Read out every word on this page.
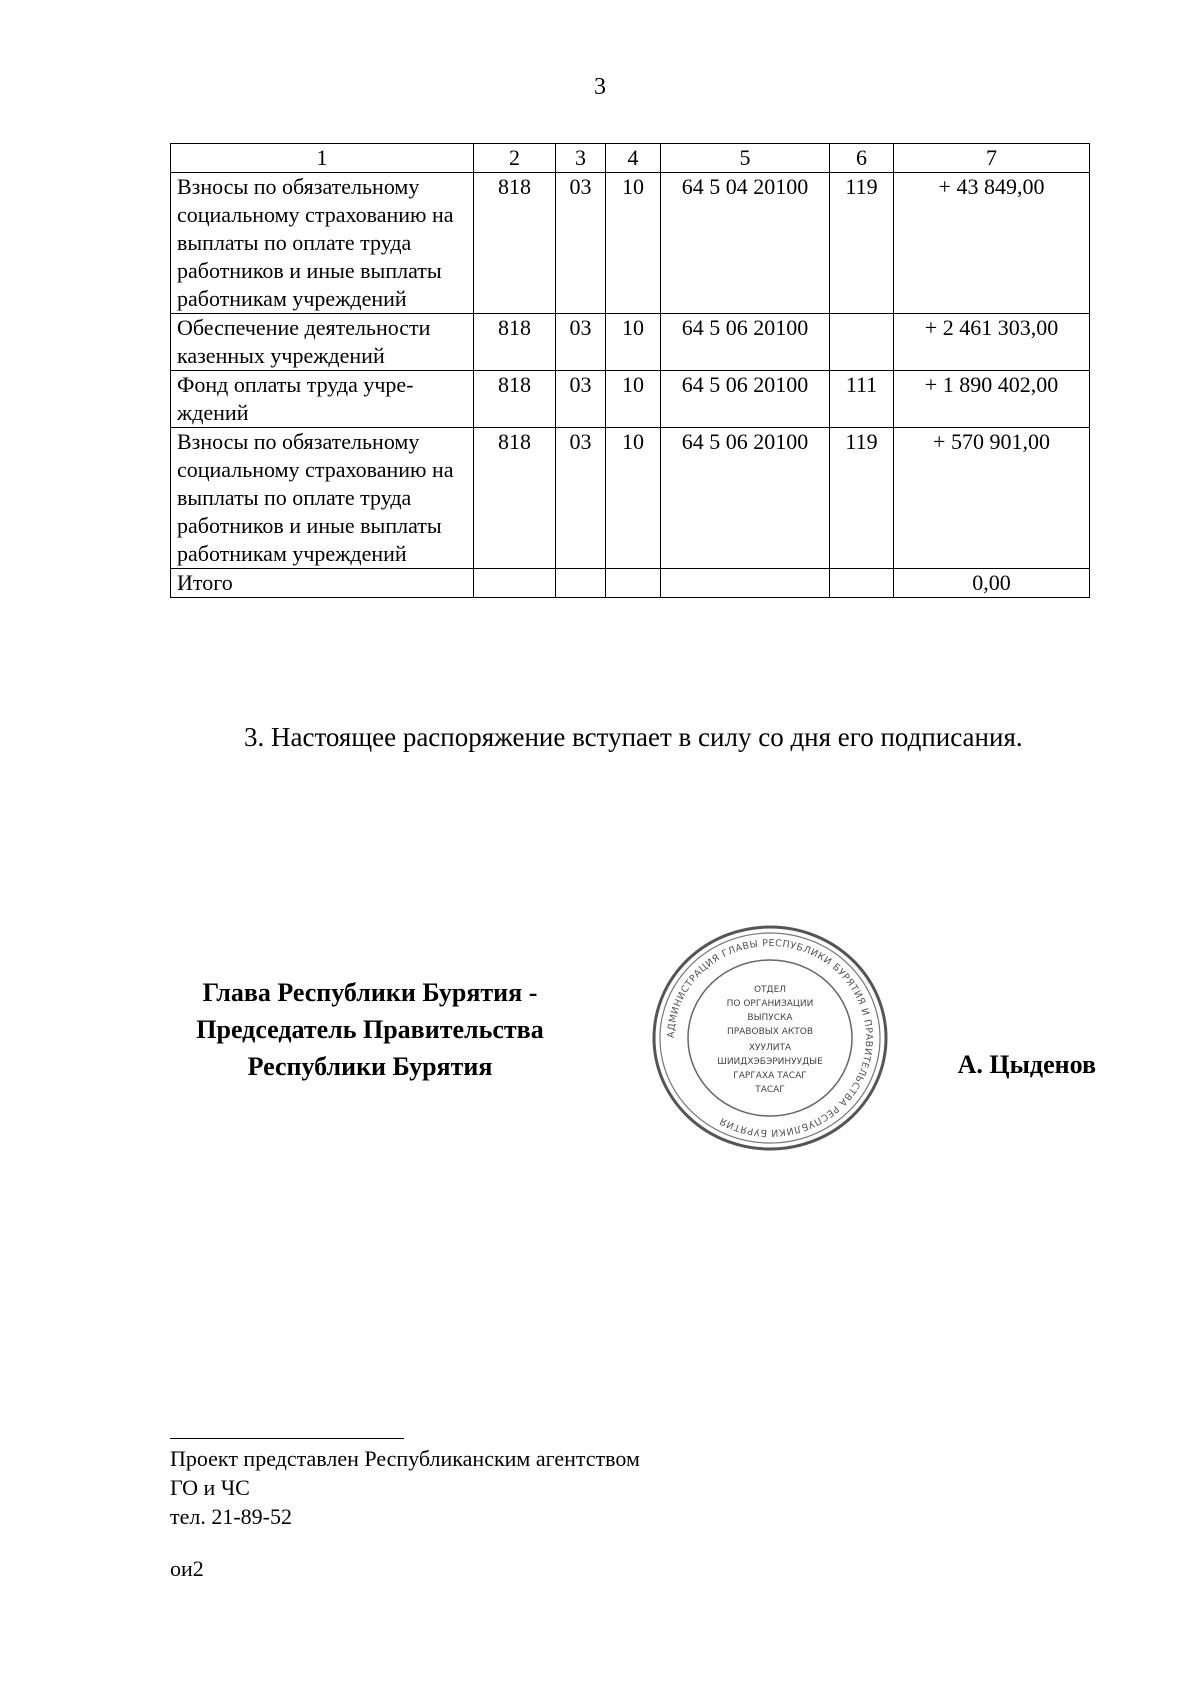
3
1	2	3	4	5	6	7
Взносы по обязательному социальному страхованию на выплаты по оплате труда работников и иные выплаты работникам учреждений	818	03	10	64 5 04 20100	119	+ 43 849,00
Обеспечение деятельности казенных учреждений	818	03	10	64 5 06 20100		+ 2 461 303,00
Фонд оплаты труда учре-ждений	818	03	10	64 5 06 20100	111	+ 1 890 402,00
Взносы по обязательному социальному страхованию на выплаты по оплате труда работников и иные выплаты работникам учреждений	818	03	10	64 5 06 20100	119	+ 570 901,00
Итого						0,00
3. Настоящее распоряжение вступает в силу со дня его подписания.
Глава Республики Бурятия -
Председатель Правительства
Республики Бурятия
АДМИНИСТРАЦИЯ ГЛАВЫ РЕСПУБЛИКИ БУРЯТИЯ И ПРАВИТЕЛЬСТВА РЕСПУБЛИКИ БУРЯТИЯ
ОТДЕЛ
ПО ОРГАНИЗАЦИИ
ВЫПУСКА
ПРАВОВЫХ АКТОВ
ХУУЛИТА
ШИИДХЭБЭРИНУУДЫЕ
ГАРГАХА ТАСАГ
ТАСАГ
А. Цыденов
Проект представлен Республиканским агентством
ГО и ЧС
тел. 21-89-52
ои2
